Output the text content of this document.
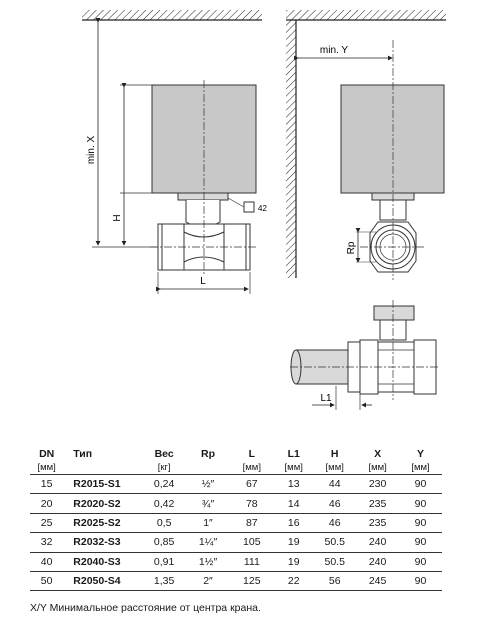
min. X
H
L
42
min. Y
Rp
L1
DN	Тип	Вес	Rp	L	L1	H	X	Y
[мм]		[кг]		[мм]	[мм]	[мм]	[мм]	[мм]
15	R2015-S1	0,24	½″	67	13	44	230	90
20	R2020-S2	0,42	¾″	78	14	46	235	90
25	R2025-S2	0,5	1″	87	16	46	235	90
32	R2032-S3	0,85	1¼″	105	19	50.5	240	90
40	R2040-S3	0,91	1½″	111	19	50.5	240	90
50	R2050-S4	1,35	2″	125	22	56	245	90
X/Y Минимальное расстояние от центра крана.
